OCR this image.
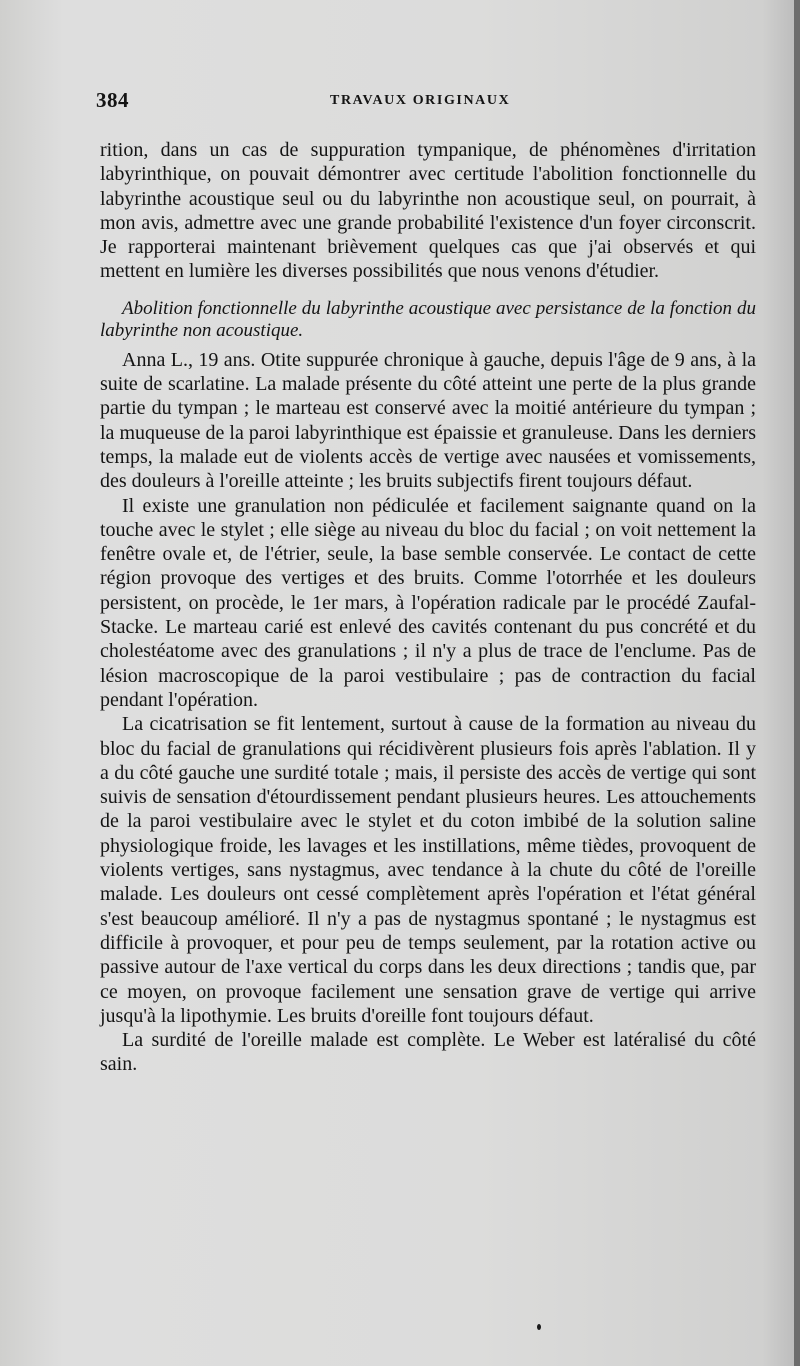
384	TRAVAUX ORIGINAUX

rition, dans un cas de suppuration tympanique, de phénomènes d'irritation labyrinthique, on pouvait démontrer avec certitude l'abolition fonctionnelle du labyrinthe acoustique seul ou du labyrinthe non acoustique seul, on pourrait, à mon avis, admettre avec une grande probabilité l'existence d'un foyer circonscrit. Je rapporterai maintenant brièvement quelques cas que j'ai observés et qui mettent en lumière les diverses possibilités que nous venons d'étudier.

Abolition fonctionnelle du labyrinthe acoustique avec persistance de la fonction du labyrinthe non acoustique.

Anna L., 19 ans. Otite suppurée chronique à gauche, depuis l'âge de 9 ans, à la suite de scarlatine. La malade présente du côté atteint une perte de la plus grande partie du tympan ; le marteau est conservé avec la moitié antérieure du tympan ; la muqueuse de la paroi labyrinthique est épaissie et granuleuse. Dans les derniers temps, la malade eut de violents accès de vertige avec nausées et vomissements, des douleurs à l'oreille atteinte ; les bruits subjectifs firent toujours défaut.

Il existe une granulation non pédiculée et facilement saignante quand on la touche avec le stylet ; elle siège au niveau du bloc du facial ; on voit nettement la fenêtre ovale et, de l'étrier, seule, la base semble conservée. Le contact de cette région provoque des vertiges et des bruits. Comme l'otorrhée et les douleurs persistent, on procède, le 1er mars, à l'opération radicale par le procédé Zaufal-Stacke. Le marteau carié est enlevé des cavités contenant du pus concrété et du cholestéatome avec des granulations ; il n'y a plus de trace de l'enclume. Pas de lésion macroscopique de la paroi vestibulaire ; pas de contraction du facial pendant l'opération.

La cicatrisation se fit lentement, surtout à cause de la formation au niveau du bloc du facial de granulations qui récidivèrent plusieurs fois après l'ablation. Il y a du côté gauche une surdité totale ; mais, il persiste des accès de vertige qui sont suivis de sensation d'étourdissement pendant plusieurs heures. Les attouchements de la paroi vestibulaire avec le stylet et du coton imbibé de la solution saline physiologique froide, les lavages et les instillations, même tièdes, provoquent de violents vertiges, sans nystagmus, avec tendance à la chute du côté de l'oreille malade. Les douleurs ont cessé complètement après l'opération et l'état général s'est beaucoup amélioré. Il n'y a pas de nystagmus spontané ; le nystagmus est difficile à provoquer, et pour peu de temps seulement, par la rotation active ou passive autour de l'axe vertical du corps dans les deux directions ; tandis que, par ce moyen, on provoque facilement une sensation grave de vertige qui arrive jusqu'à la lipothymie. Les bruits d'oreille font toujours défaut.

La surdité de l'oreille malade est complète. Le Weber est latéralisé du côté sain.
